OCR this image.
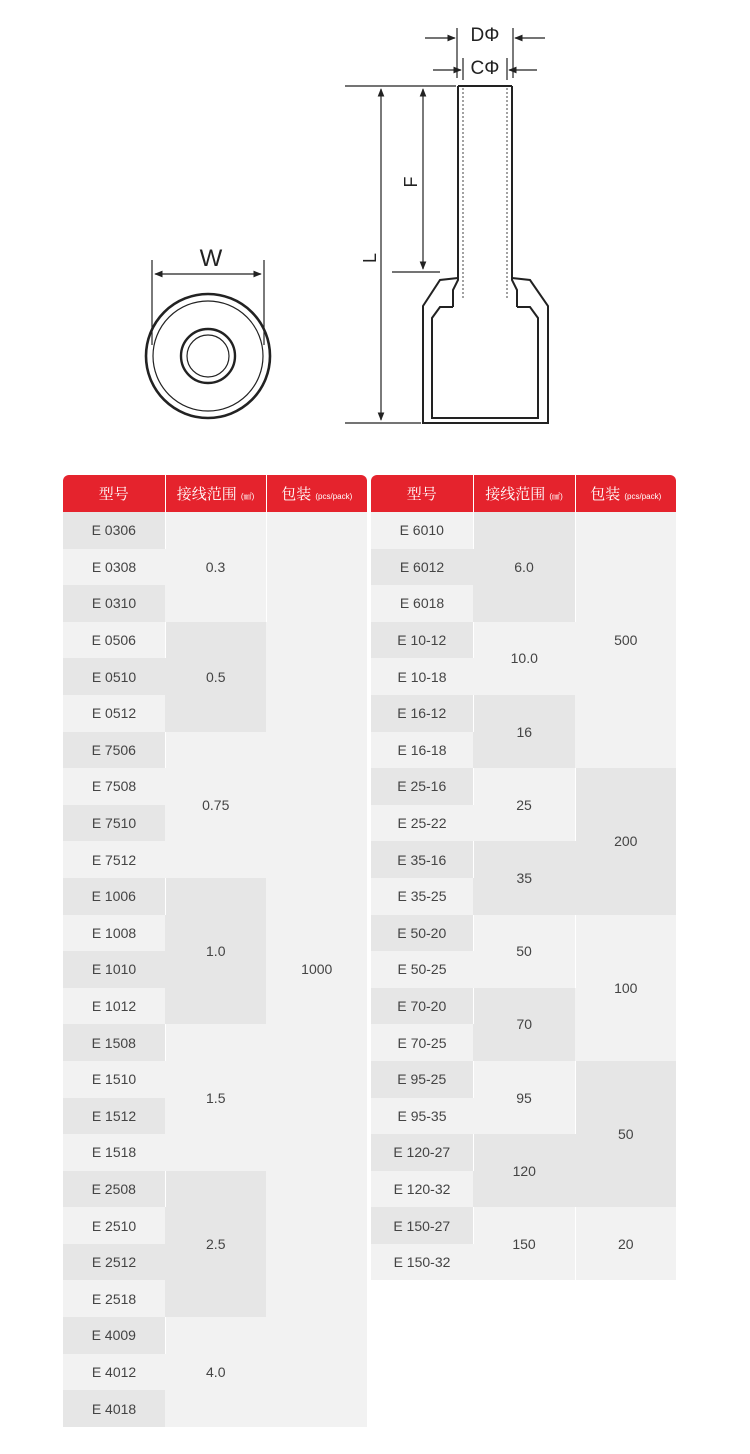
W
DΦ
CΦ
L
F
型号	接线范围 (㎟)	包装 (pcs/pack)
E 0306	0.3	1000
E 0308		
E 0310		
E 0506	0.5	
E 0510		
E 0512		
E 7506	0.75	
E 7508		
E 7510		
E 7512		
E 1006	1.0	
E 1008		
E 1010		
E 1012		
E 1508	1.5	
E 1510		
E 1512		
E 1518		
E 2508	2.5	
E 2510		
E 2512		
E 2518		
E 4009	4.0	
E 4012		
E 4018		
型号	接线范围 (㎟)	包装 (pcs/pack)
E 6010	6.0	500
E 6012		
E 6018		
E 10-12	10.0	
E 10-18		
E 16-12	16	
E 16-18		
E 25-16	25	200
E 25-22		
E 35-16	35	
E 35-25		
E 50-20	50	100
E 50-25		
E 70-20	70	
E 70-25		
E 95-25	95	50
E 95-35		
E 120-27	120	
E 120-32		
E 150-27	150	20
E 150-32		
